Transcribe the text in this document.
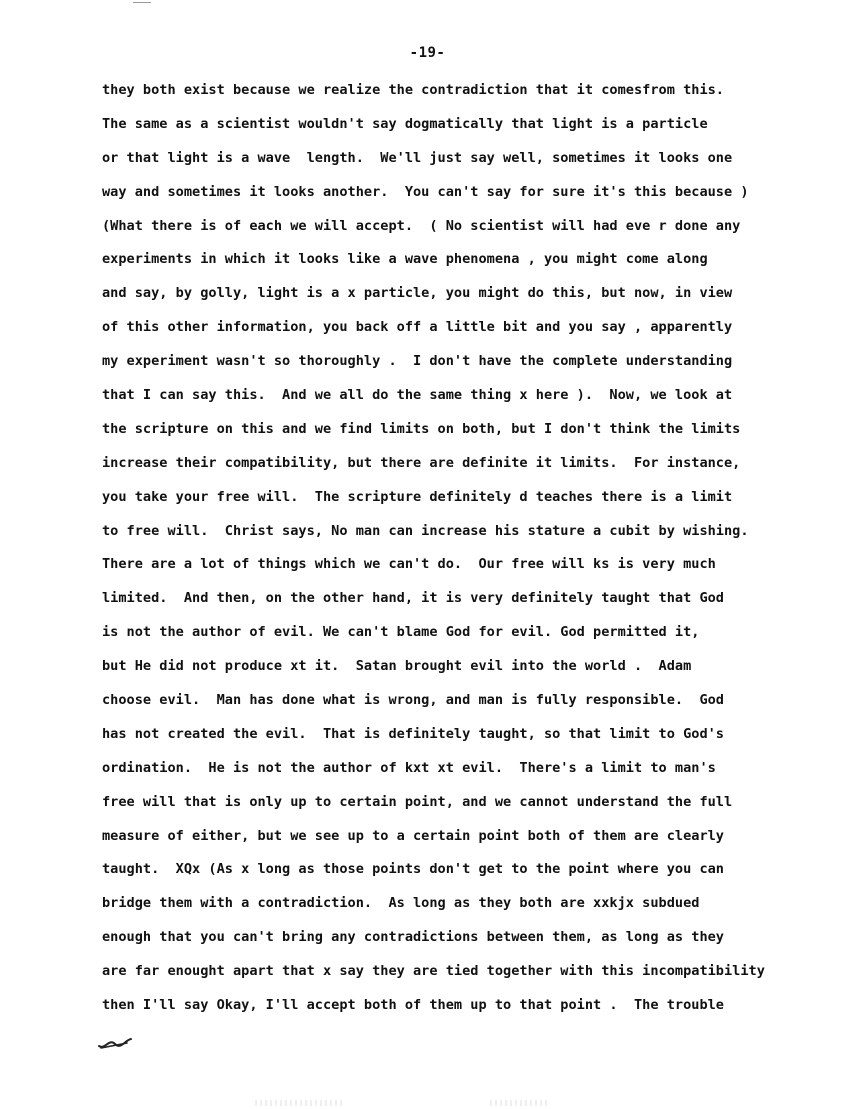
-19-
they both exist because we realize the contradiction that it comesfrom this.
The same as a scientist wouldn't say dogmatically that light is a particle
or that light is a wave  length.  We'll just say well, sometimes it looks one
way and sometimes it looks another.  You can't say for sure it's this because )
(What there is of each we will accept.  ( No scientist will had eve r done any
experiments in which it looks like a wave phenomena , you might come along
and say, by golly, light is a x particle, you might do this, but now, in view
of this other information, you back off a little bit and you say , apparently
my experiment wasn't so thoroughly .  I don't have the complete understanding
that I can say this.  And we all do the same thing x here ).  Now, we look at
the scripture on this and we find limits on both, but I don't think the limits
increase their compatibility, but there are definite it limits.  For instance,
you take your free will.  The scripture definitely d teaches there is a limit
to free will.  Christ says, No man can increase his stature a cubit by wishing.
There are a lot of things which we can't do.  Our free will ks is very much
limited.  And then, on the other hand, it is very definitely taught that God
is not the author of evil. We can't blame God for evil. God permitted it,
but He did not produce xt it.  Satan brought evil into the world .  Adam
choose evil.  Man has done what is wrong, and man is fully responsible.  God
has not created the evil.  That is definitely taught, so that limit to God's
ordination.  He is not the author of kxt xt evil.  There's a limit to man's
free will that is only up to certain point, and we cannot understand the full
measure of either, but we see up to a certain point both of them are clearly
taught.  XQx (As x long as those points don't get to the point where you can
bridge them with a contradiction.  As long as they both are xxkjx subdued
enough that you can't bring any contradictions between them, as long as they
are far enought apart that x say they are tied together with this incompatibility
then I'll say Okay, I'll accept both of them up to that point .  The trouble
